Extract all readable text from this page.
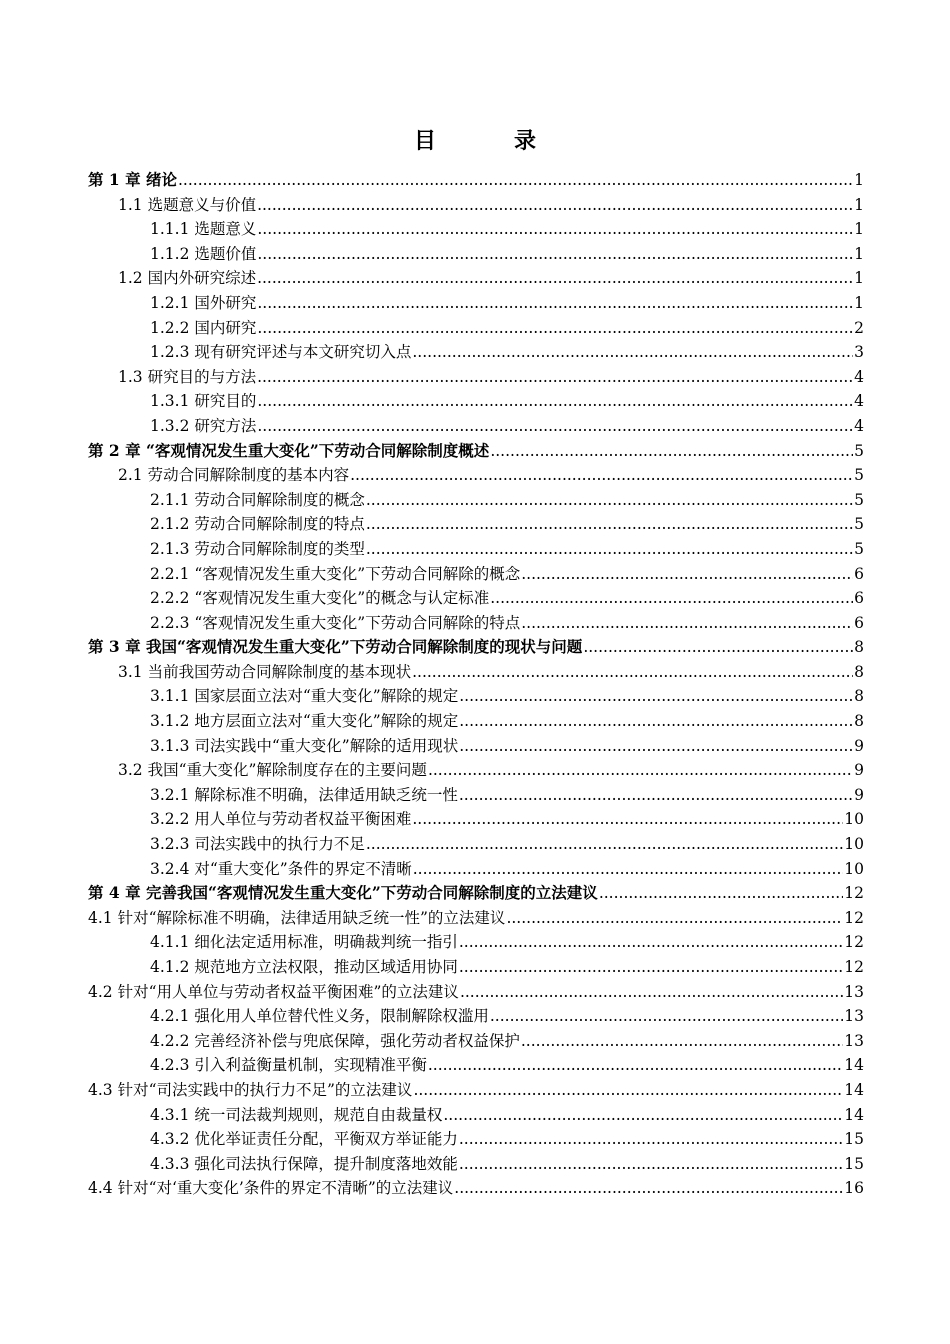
目　录
第 1 章 绪论 .....	1
1.1 选题意义与价值 .....	1
1.1.1 选题意义 .....	1
1.1.2 选题价值 .....	1
1.2 国内外研究综述 .....	1
1.2.1 国外研究 .....	1
1.2.2 国内研究 .....	2
1.2.3 现有研究评述与本文研究切入点 .....	3
1.3 研究目的与方法 .....	4
1.3.1 研究目的 .....	4
1.3.2 研究方法 .....	4
第 2 章 “客观情况发生重大变化”下劳动合同解除制度概述 .....	5
2.1 劳动合同解除制度的基本内容 .....	5
2.1.1 劳动合同解除制度的概念 .....	5
2.1.2 劳动合同解除制度的特点 .....	5
2.1.3 劳动合同解除制度的类型 .....	5
2.2.1 “客观情况发生重大变化”下劳动合同解除的概念 .....	6
2.2.2 “客观情况发生重大变化”的概念与认定标准 .....	6
2.2.3 “客观情况发生重大变化”下劳动合同解除的特点 .....	6
第 3 章 我国“客观情况发生重大变化”下劳动合同解除制度的现状与问题 .....	8
3.1 当前我国劳动合同解除制度的基本现状 .....	8
3.1.1 国家层面立法对“重大变化”解除的规定 .....	8
3.1.2 地方层面立法对“重大变化”解除的规定 .....	8
3.1.3 司法实践中“重大变化”解除的适用现状 .....	9
3.2 我国“重大变化”解除制度存在的主要问题 .....	9
3.2.1 解除标准不明确，法律适用缺乏统一性 .....	9
3.2.2 用人单位与劳动者权益平衡困难 .....	10
3.2.3 司法实践中的执行力不足 .....	10
3.2.4 对“重大变化”条件的界定不清晰 .....	10
第 4 章 完善我国“客观情况发生重大变化”下劳动合同解除制度的立法建议 .....	12
4.1 针对“解除标准不明确，法律适用缺乏统一性”的立法建议 .....	12
4.1.1 细化法定适用标准，明确裁判统一指引 .....	12
4.1.2 规范地方立法权限，推动区域适用协同 .....	12
4.2 针对“用人单位与劳动者权益平衡困难”的立法建议 .....	13
4.2.1 强化用人单位替代性义务，限制解除权滥用 .....	13
4.2.2 完善经济补偿与兜底保障，强化劳动者权益保护 .....	13
4.2.3 引入利益衡量机制，实现精准平衡 .....	14
4.3 针对“司法实践中的执行力不足”的立法建议 .....	14
4.3.1 统一司法裁判规则，规范自由裁量权 .....	14
4.3.2 优化举证责任分配，平衡双方举证能力 .....	15
4.3.3 强化司法执行保障，提升制度落地效能 .....	15
4.4 针对“对‘重大变化’条件的界定不清晰”的立法建议 .....	16
